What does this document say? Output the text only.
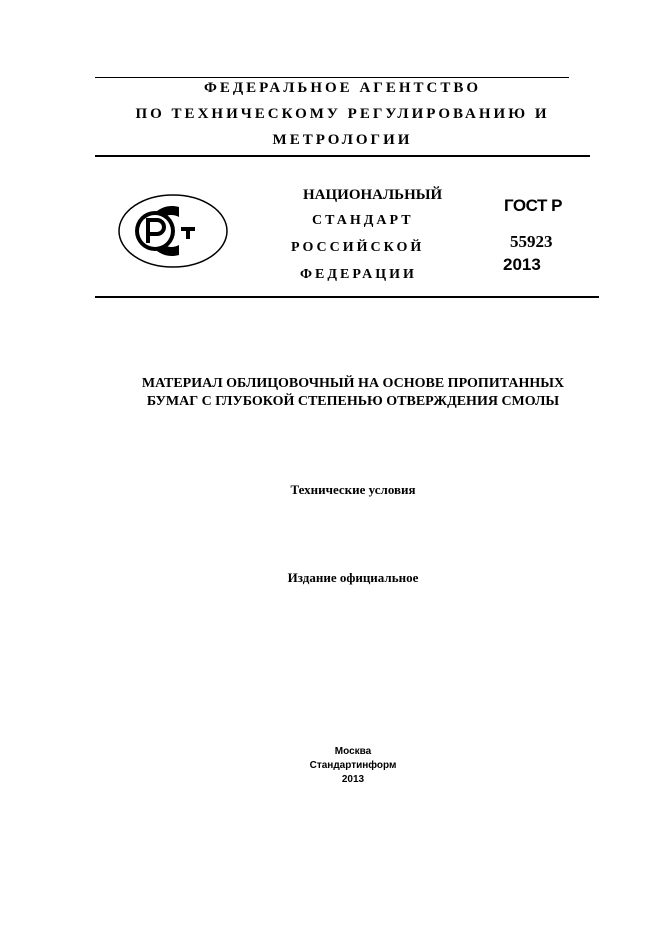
ФЕДЕРАЛЬНОЕ АГЕНТСТВО
ПО ТЕХНИЧЕСКОМУ РЕГУЛИРОВАНИЮ И
МЕТРОЛОГИИ
НАЦИОНАЛЬНЫЙ
СТАНДАРТ
РОССИЙСКОЙ
ФЕДЕРАЦИИ
ГОСТ Р
55923
2013
МАТЕРИАЛ ОБЛИЦОВОЧНЫЙ НА ОСНОВЕ ПРОПИТАННЫХ
БУМАГ С ГЛУБОКОЙ СТЕПЕНЬЮ ОТВЕРЖДЕНИЯ СМОЛЫ
Технические условия
Издание официальное
Москва
Стандартинформ
2013
